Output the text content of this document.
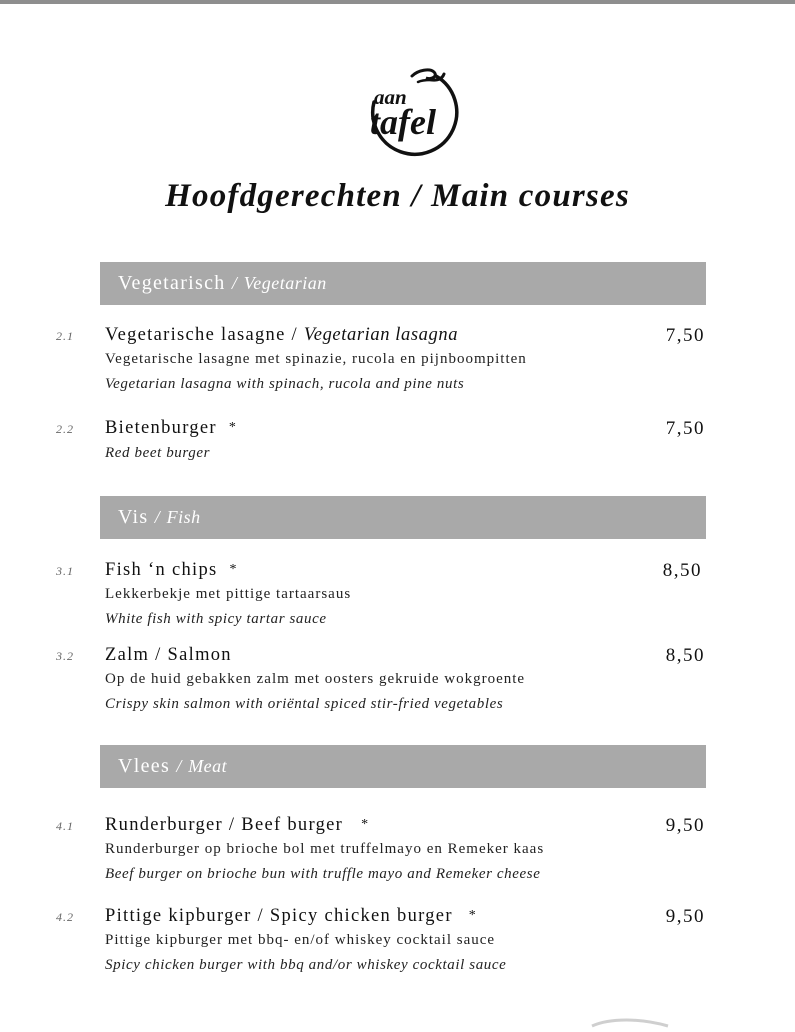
aan
tafel
Hoofdgerechten / Main courses
Vegetarisch / Vegetarian
2.1 Vegetarische lasagne / Vegetarian lasagna	7,50
Vegetarische lasagne met spinazie, rucola en pijnboompitten
Vegetarian lasagna with spinach, rucola and pine nuts
2.2 Bietenburger *	7,50
Red beet burger
Vis / Fish
3.1 Fish ‘n chips *	8,50
Lekkerbekje met pittige tartaarsaus
White fish with spicy tartar sauce
3.2 Zalm / Salmon	8,50
Op de huid gebakken zalm met oosters gekruide wokgroente
Crispy skin salmon with oriëntal spiced stir-fried vegetables
Vlees / Meat
4.1 Runderburger / Beef burger *	9,50
Runderburger op brioche bol met truffelmayo en Remeker kaas
Beef burger on brioche bun with truffle mayo and Remeker cheese
4.2 Pittige kipburger / Spicy chicken burger *	9,50
Pittige kipburger met bbq- en/of whiskey cocktail sauce
Spicy chicken burger with bbq and/or whiskey cocktail sauce
